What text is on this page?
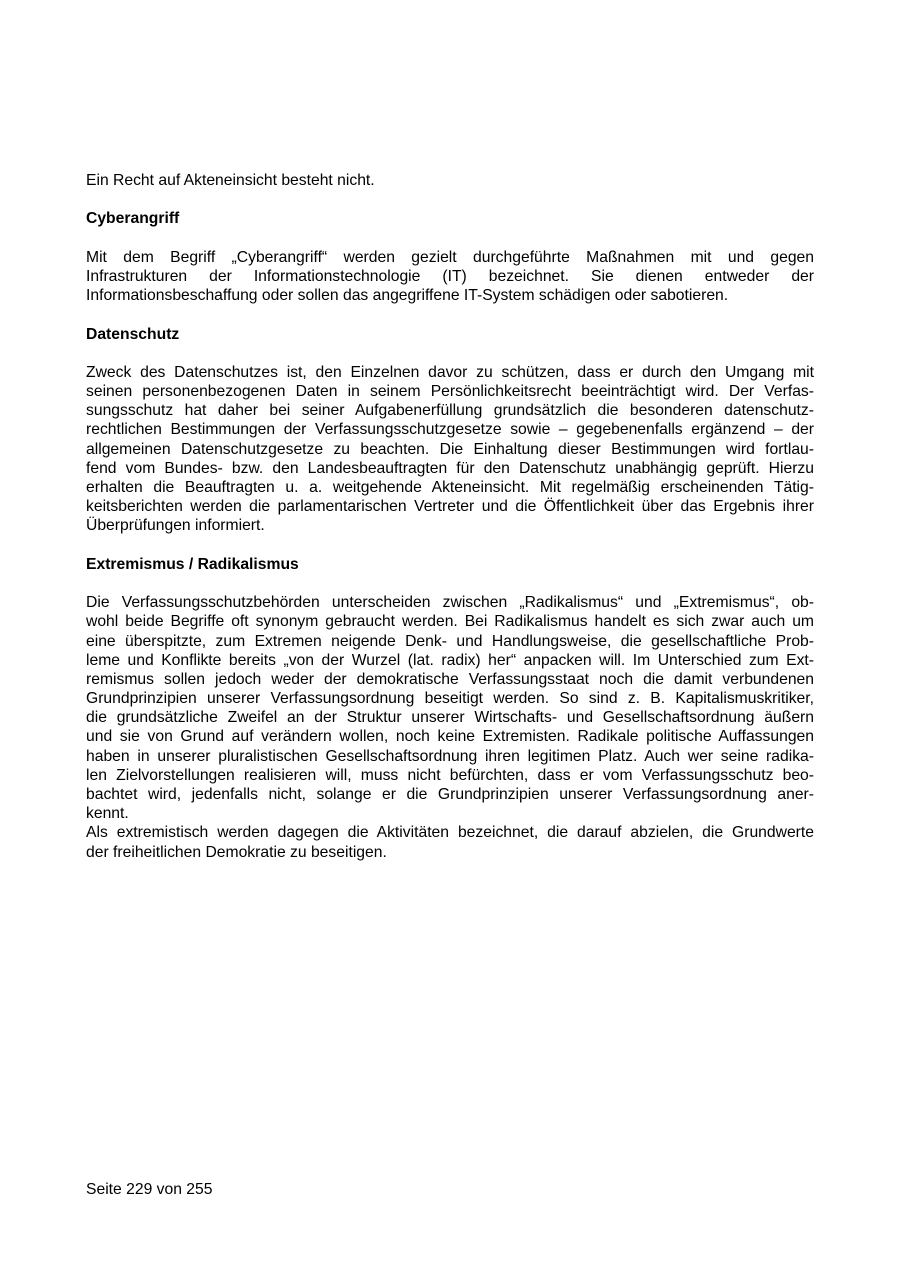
Ein Recht auf Akteneinsicht besteht nicht.
Cyberangriff
Mit dem Begriff „Cyberangriff“ werden gezielt durchgeführte Maßnahmen mit und gegen
Infrastrukturen der Informationstechnologie (IT) bezeichnet. Sie dienen entweder der
Informationsbeschaffung oder sollen das angegriffene IT-System schädigen oder sabotieren.
Datenschutz
Zweck des Datenschutzes ist, den Einzelnen davor zu schützen, dass er durch den Umgang mit
seinen personenbezogenen Daten in seinem Persönlichkeitsrecht beeinträchtigt wird. Der Verfas-
sungsschutz hat daher bei seiner Aufgabenerfüllung grundsätzlich die besonderen datenschutz-
rechtlichen Bestimmungen der Verfassungsschutzgesetze sowie – gegebenenfalls ergänzend – der
allgemeinen Datenschutzgesetze zu beachten. Die Einhaltung dieser Bestimmungen wird fortlau-
fend vom Bundes- bzw. den Landesbeauftragten für den Datenschutz unabhängig geprüft. Hierzu
erhalten die Beauftragten u. a. weitgehende Akteneinsicht. Mit regelmäßig erscheinenden Tätig-
keitsberichten werden die parlamentarischen Vertreter und die Öffentlichkeit über das Ergebnis ihrer
Überprüfungen informiert.
Extremismus / Radikalismus
Die Verfassungsschutzbehörden unterscheiden zwischen „Radikalismus“ und „Extremismus“, ob-
wohl beide Begriffe oft synonym gebraucht werden. Bei Radikalismus handelt es sich zwar auch um
eine überspitzte, zum Extremen neigende Denk- und Handlungsweise, die gesellschaftliche Prob-
leme und Konflikte bereits „von der Wurzel (lat. radix) her“ anpacken will. Im Unterschied zum Ext-
remismus sollen jedoch weder der demokratische Verfassungsstaat noch die damit verbundenen
Grundprinzipien unserer Verfassungsordnung beseitigt werden. So sind z. B. Kapitalismuskritiker,
die grundsätzliche Zweifel an der Struktur unserer Wirtschafts- und Gesellschaftsordnung äußern
und sie von Grund auf verändern wollen, noch keine Extremisten. Radikale politische Auffassungen
haben in unserer pluralistischen Gesellschaftsordnung ihren legitimen Platz. Auch wer seine radika-
len Zielvorstellungen realisieren will, muss nicht befürchten, dass er vom Verfassungsschutz beo-
bachtet wird, jedenfalls nicht, solange er die Grundprinzipien unserer Verfassungsordnung aner-
kennt.
Als extremistisch werden dagegen die Aktivitäten bezeichnet, die darauf abzielen, die Grundwerte
der freiheitlichen Demokratie zu beseitigen.
Seite 229 von 255
